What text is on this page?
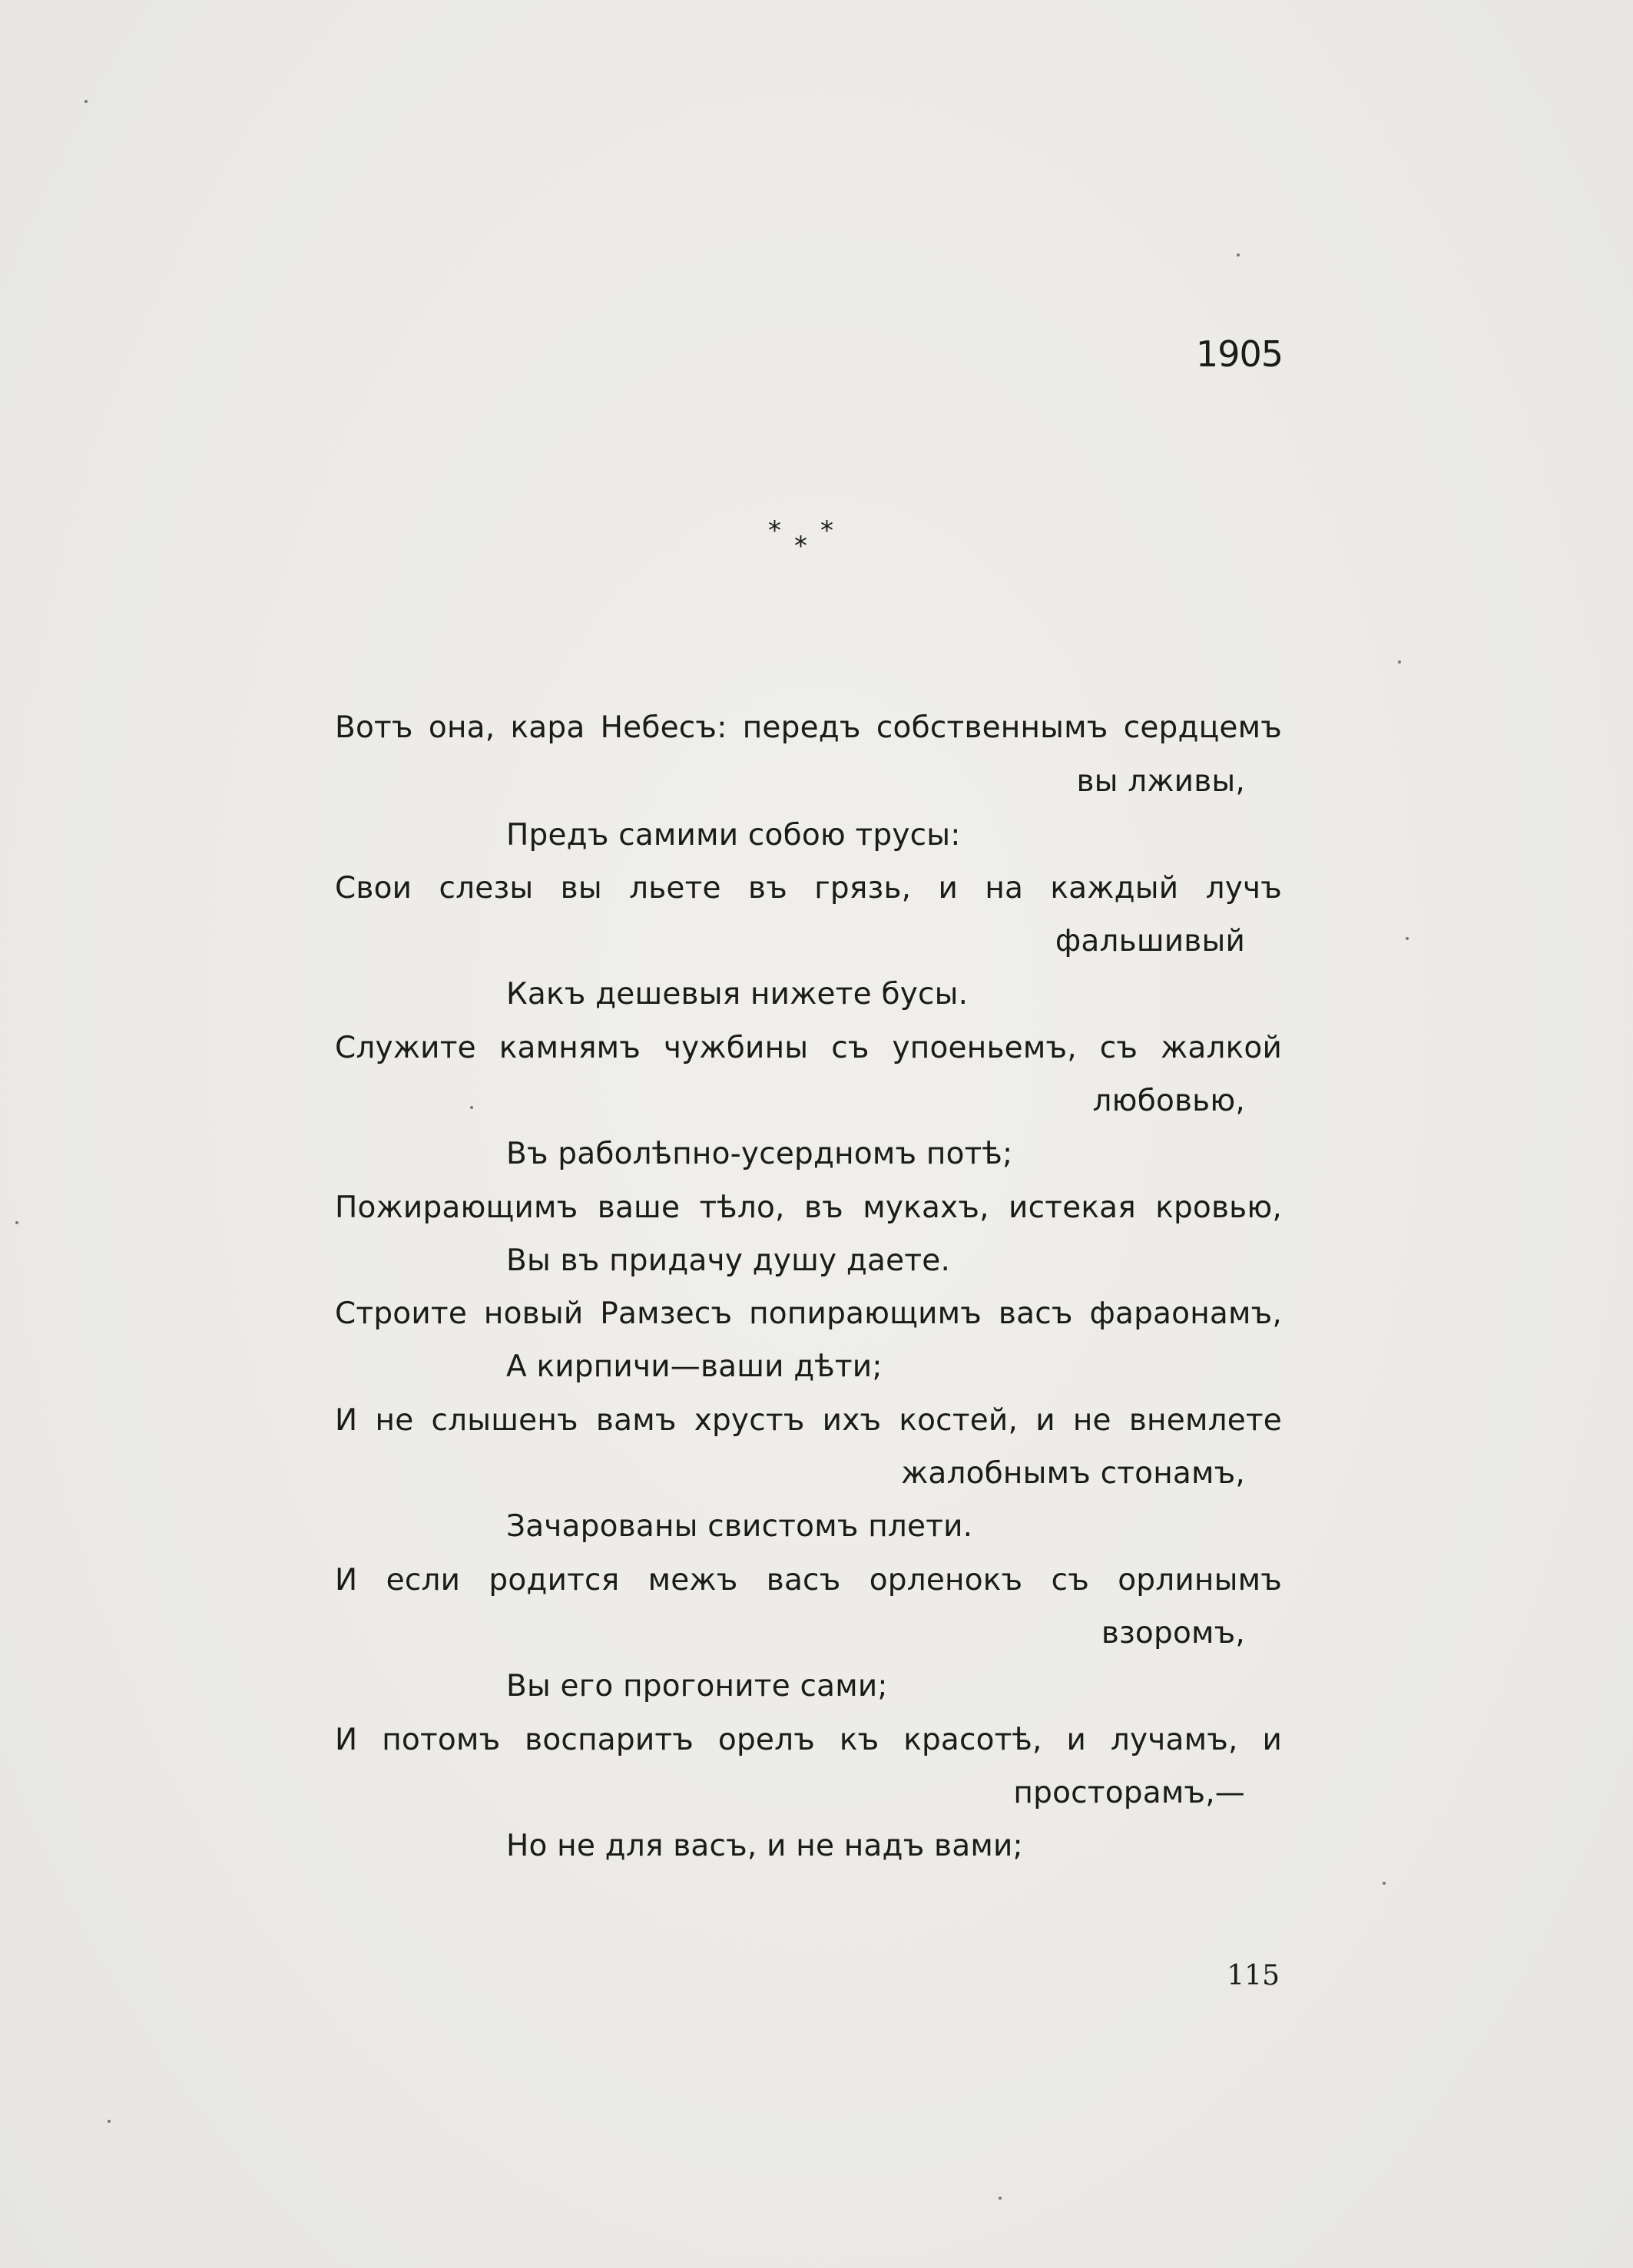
1905
* * *
Вотъ она, кара Небесъ: передъ собственнымъ сердцемъ
вы лживы,
Предъ самими собою трусы:
Свои слезы вы льете въ грязь, и на каждый лучъ
фальшивый
Какъ дешевыя нижете бусы.
Служите камнямъ чужбины съ упоеньемъ, съ жалкой
любовью,
Въ раболѣпно-усердномъ потѣ;
Пожирающимъ ваше тѣло, въ мукахъ, истекая кровью,
Вы въ придачу душу даете.
Строите новый Рамзесъ попирающимъ васъ фараонамъ,
А кирпичи—ваши дѣти;
И не слышенъ вамъ хрустъ ихъ костей, и не внемлете
жалобнымъ стонамъ,
Зачарованы свистомъ плети.
И если родится межъ васъ орленокъ съ орлинымъ
взоромъ,
Вы его прогоните сами;
И потомъ воспаритъ орелъ къ красотѣ, и лучамъ, и
просторамъ,—
Но не для васъ, и не надъ вами;
115
